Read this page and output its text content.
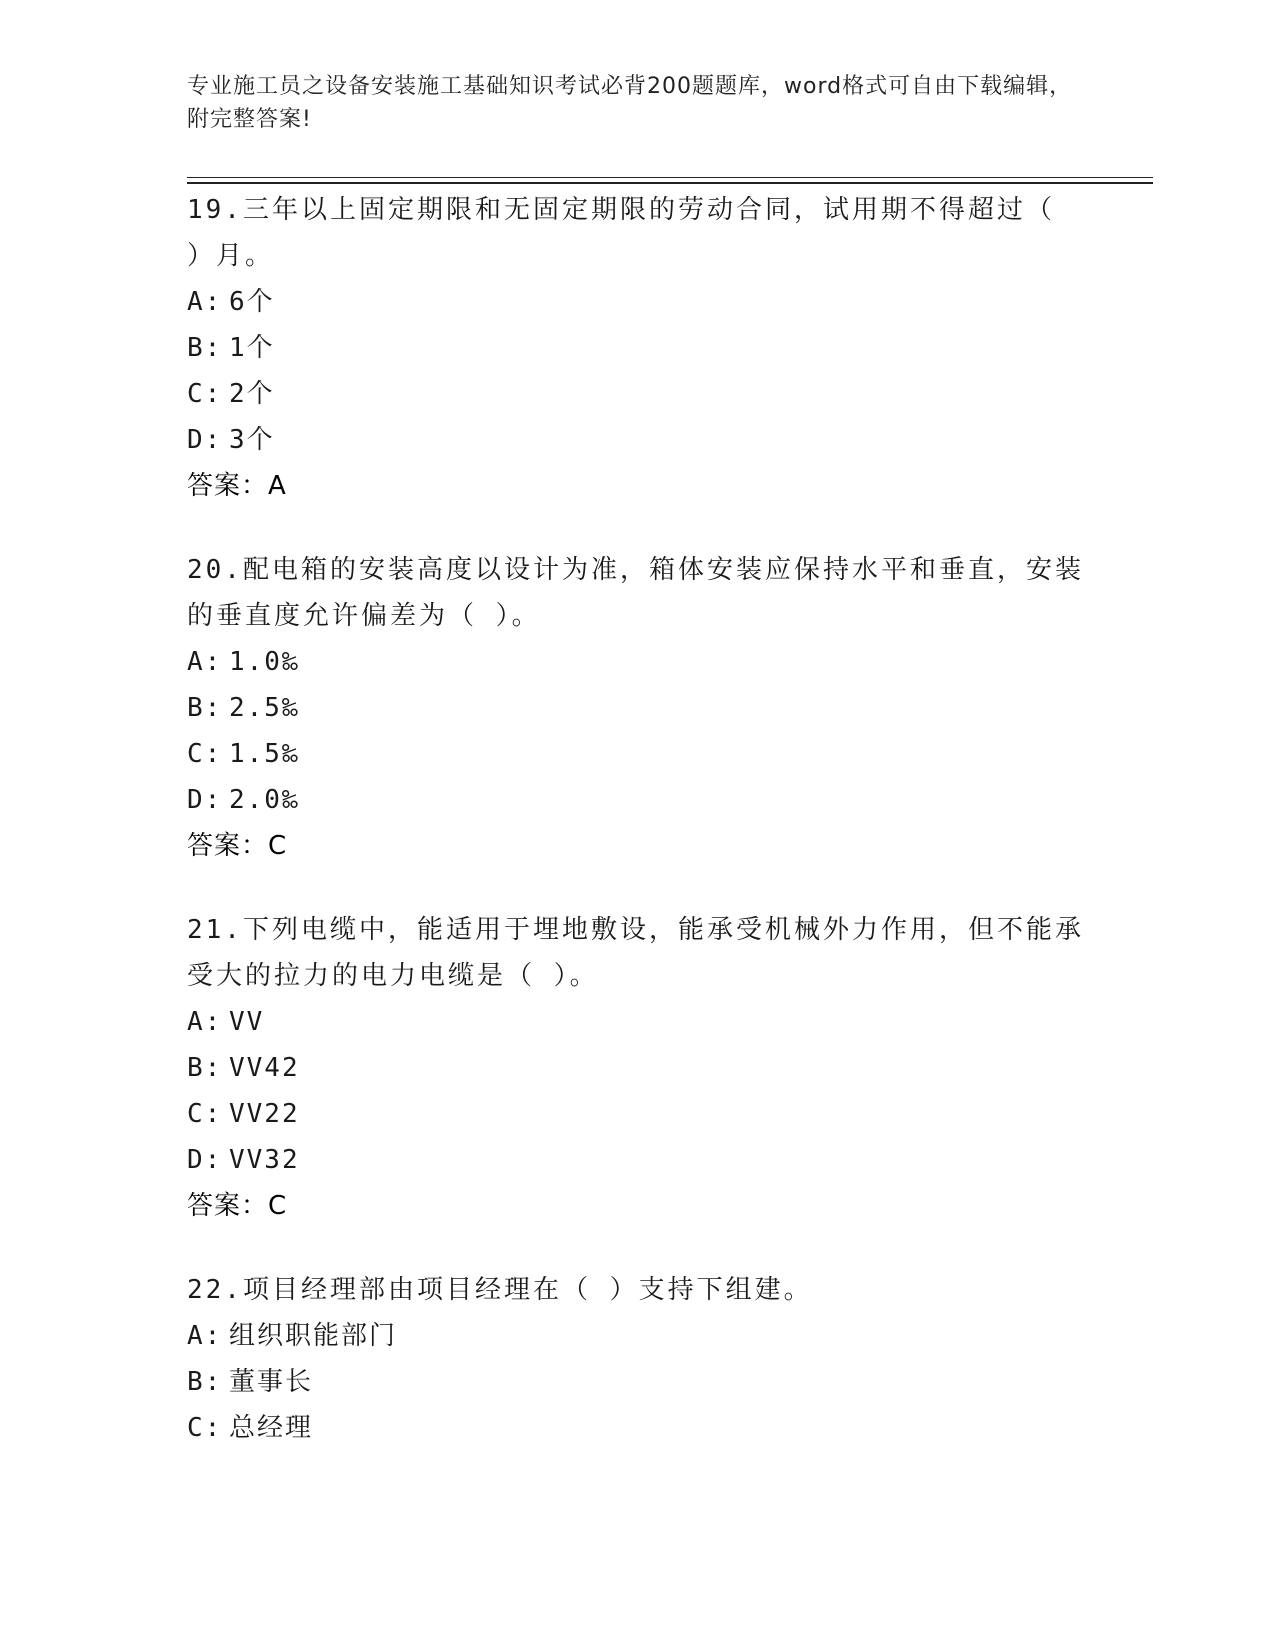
专业施工员之设备安装施工基础知识考试必背200题题库，word格式可自由下载编辑，附完整答案!
19.三年以上固定期限和无固定期限的劳动合同，试用期不得超过（ ）月。
A: 6个
B: 1个
C: 2个
D: 3个
答案：A
20.配电箱的安装高度以设计为准，箱体安装应保持水平和垂直，安装的垂直度允许偏差为（ ）。
A: 1.0‰
B: 2.5‰
C: 1.5‰
D: 2.0‰
答案：C
21.下列电缆中，能适用于埋地敷设，能承受机械外力作用，但不能承受大的拉力的电力电缆是（ ）。
A: VV
B: VV42
C: VV22
D: VV32
答案：C
22.项目经理部由项目经理在（ ）支持下组建。
A: 组织职能部门
B: 董事长
C: 总经理
